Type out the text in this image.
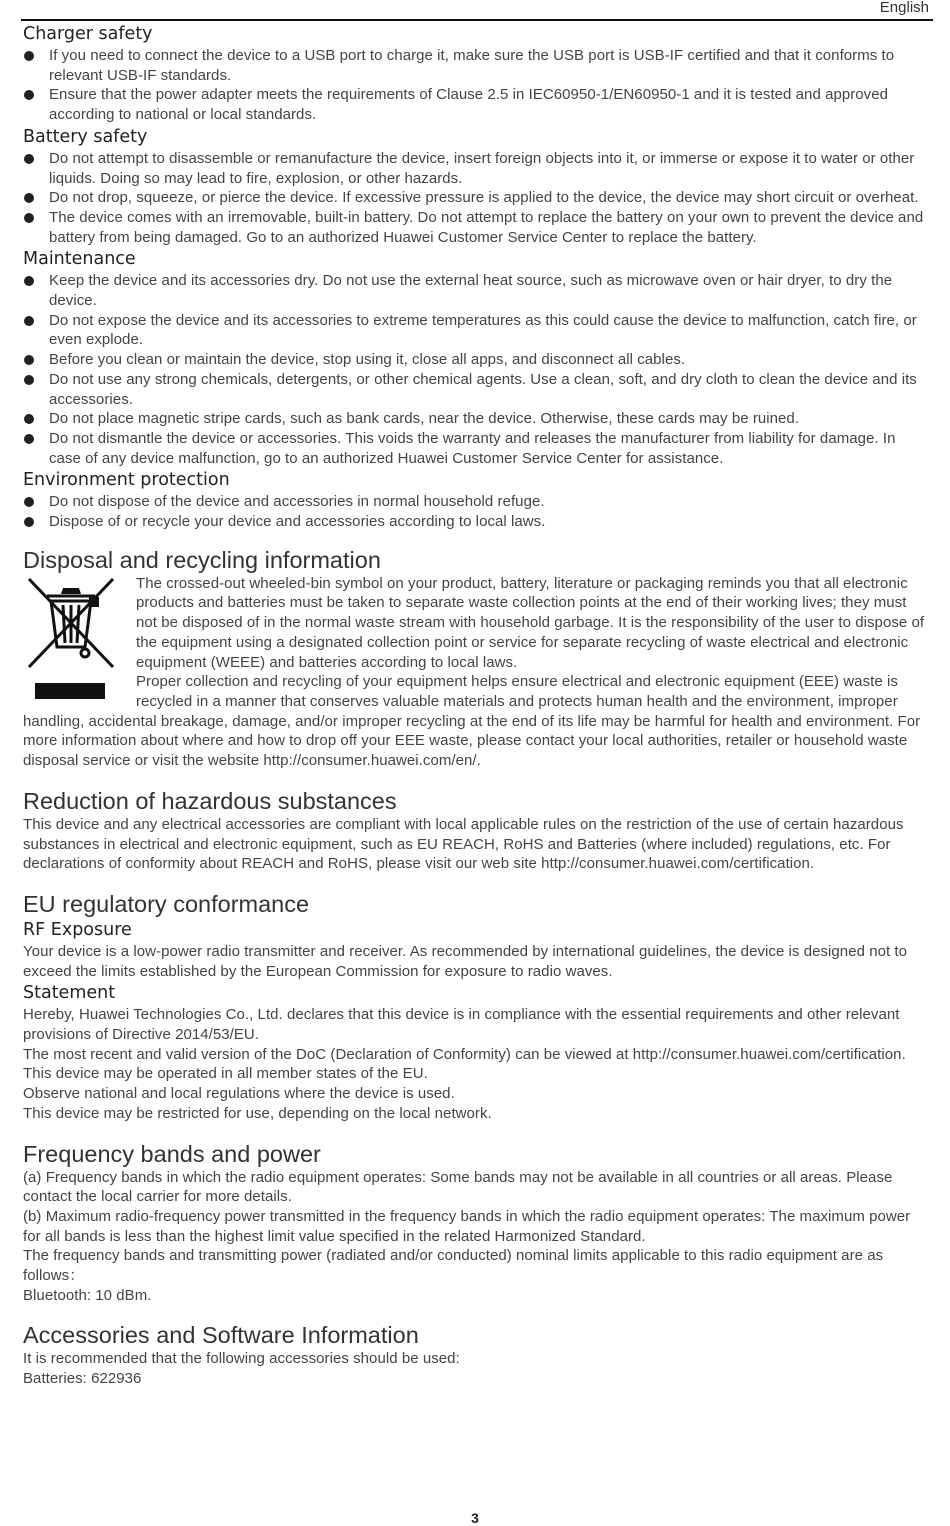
English
Charger safety
If you need to connect the device to a USB port to charge it, make sure the USB port is USB-IF certified and that it conforms to relevant USB-IF standards.
Ensure that the power adapter meets the requirements of Clause 2.5 in IEC60950-1/EN60950-1 and it is tested and approved according to national or local standards.
Battery safety
Do not attempt to disassemble or remanufacture the device, insert foreign objects into it, or immerse or expose it to water or other liquids. Doing so may lead to fire, explosion, or other hazards.
Do not drop, squeeze, or pierce the device. If excessive pressure is applied to the device, the device may short circuit or overheat.
The device comes with an irremovable, built-in battery. Do not attempt to replace the battery on your own to prevent the device and battery from being damaged. Go to an authorized Huawei Customer Service Center to replace the battery.
Maintenance
Keep the device and its accessories dry. Do not use the external heat source, such as microwave oven or hair dryer, to dry the device.
Do not expose the device and its accessories to extreme temperatures as this could cause the device to malfunction, catch fire, or even explode.
Before you clean or maintain the device, stop using it, close all apps, and disconnect all cables.
Do not use any strong chemicals, detergents, or other chemical agents. Use a clean, soft, and dry cloth to clean the device and its accessories.
Do not place magnetic stripe cards, such as bank cards, near the device. Otherwise, these cards may be ruined.
Do not dismantle the device or accessories. This voids the warranty and releases the manufacturer from liability for damage. In case of any device malfunction, go to an authorized Huawei Customer Service Center for assistance.
Environment protection
Do not dispose of the device and accessories in normal household refuge.
Dispose of or recycle your device and accessories according to local laws.
Disposal and recycling information

The crossed-out wheeled-bin symbol on your product, battery, literature or packaging reminds you that all electronic products and batteries must be taken to separate waste collection points at the end of their working lives; they must not be disposed of in the normal waste stream with household garbage. It is the responsibility of the user to dispose of the equipment using a designated collection point or service for separate recycling of waste electrical and electronic equipment (WEEE) and batteries according to local laws.

Proper collection and recycling of your equipment helps ensure electrical and electronic equipment (EEE) waste is recycled in a manner that conserves valuable materials and protects human health and the environment, improper handling, accidental breakage, damage, and/or improper recycling at the end of its life may be harmful for health and environment. For more information about where and how to drop off your EEE waste, please contact your local authorities, retailer or household waste disposal service or visit the website http://consumer.huawei.com/en/.

Reduction of hazardous substances

This device and any electrical accessories are compliant with local applicable rules on the restriction of the use of certain hazardous substances in electrical and electronic equipment, such as EU REACH, RoHS and Batteries (where included) regulations, etc. For declarations of conformity about REACH and RoHS, please visit our web site http://consumer.huawei.com/certification.

EU regulatory conformance
RF Exposure

Your device is a low-power radio transmitter and receiver. As recommended by international guidelines, the device is designed not to exceed the limits established by the European Commission for exposure to radio waves.

Statement

Hereby, Huawei Technologies Co., Ltd. declares that this device is in compliance with the essential requirements and other relevant provisions of Directive 2014/53/EU.

The most recent and valid version of the DoC (Declaration of Conformity) can be viewed at http://consumer.huawei.com/certification.

This device may be operated in all member states of the EU.

Observe national and local regulations where the device is used.

This device may be restricted for use, depending on the local network.

Frequency bands and power

(a) Frequency bands in which the radio equipment operates: Some bands may not be available in all countries or all areas. Please contact the local carrier for more details.

(b) Maximum radio-frequency power transmitted in the frequency bands in which the radio equipment operates: The maximum power for all bands is less than the highest limit value specified in the related Harmonized Standard.

The frequency bands and transmitting power (radiated and/or conducted) nominal limits applicable to this radio equipment are as follows：

Bluetooth: 10 dBm.

Accessories and Software Information

It is recommended that the following accessories should be used:

Batteries: 622936

3
